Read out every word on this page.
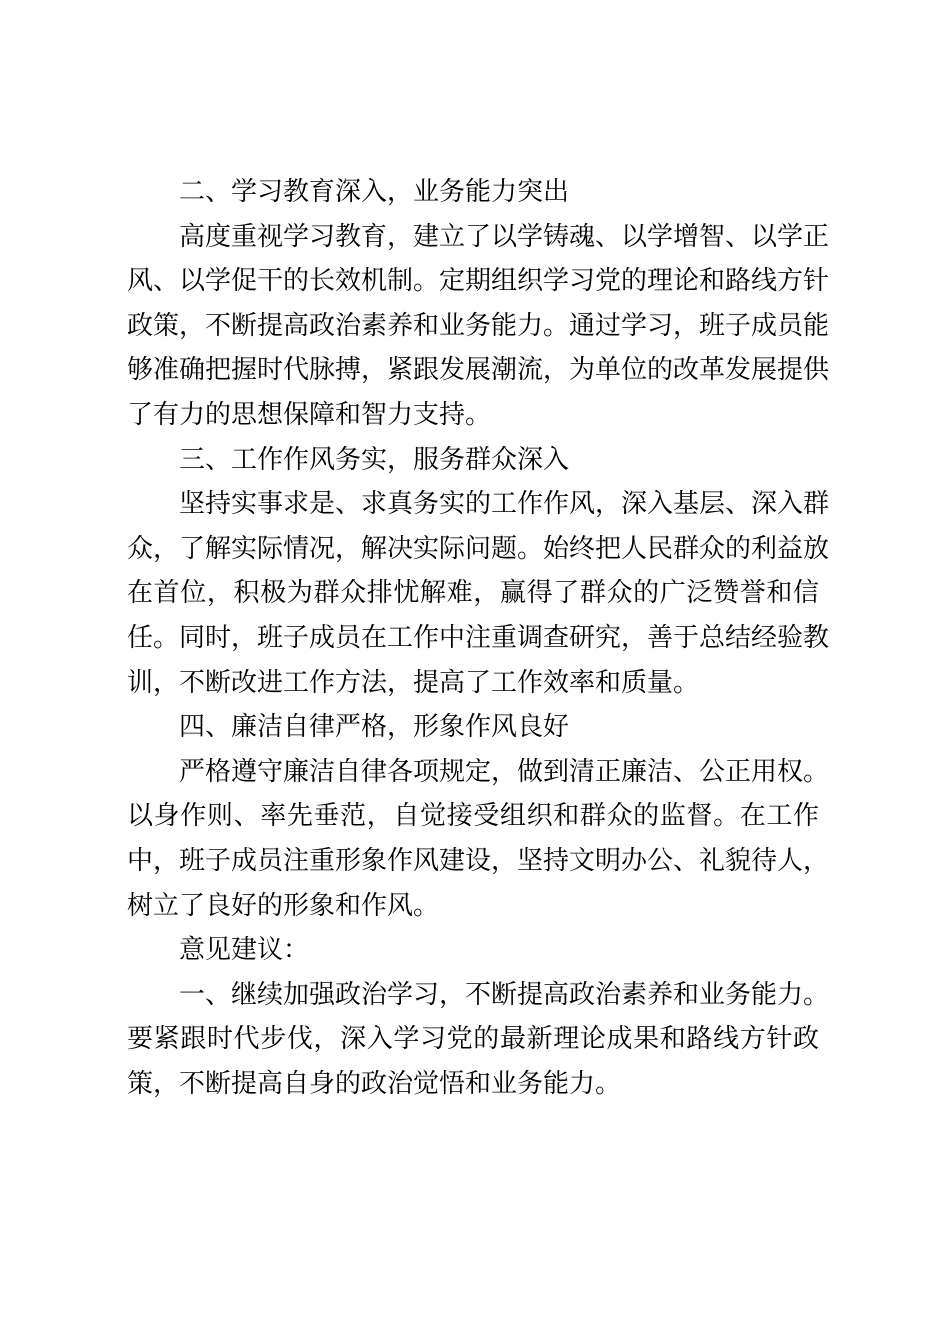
二、学习教育深入，业务能力突出

高度重视学习教育，建立了以学铸魂、以学增智、以学正

风、以学促干的长效机制。定期组织学习党的理论和路线方针

政策，不断提高政治素养和业务能力。通过学习，班子成员能

够准确把握时代脉搏，紧跟发展潮流，为单位的改革发展提供

了有力的思想保障和智力支持。

三、工作作风务实，服务群众深入

坚持实事求是、求真务实的工作作风，深入基层、深入群

众，了解实际情况，解决实际问题。始终把人民群众的利益放

在首位，积极为群众排忧解难，赢得了群众的广泛赞誉和信

任。同时，班子成员在工作中注重调查研究，善于总结经验教

训，不断改进工作方法，提高了工作效率和质量。

四、廉洁自律严格，形象作风良好

严格遵守廉洁自律各项规定，做到清正廉洁、公正用权。

以身作则、率先垂范，自觉接受组织和群众的监督。在工作

中，班子成员注重形象作风建设，坚持文明办公、礼貌待人，

树立了良好的形象和作风。

意见建议：

一、继续加强政治学习，不断提高政治素养和业务能力。

要紧跟时代步伐，深入学习党的最新理论成果和路线方针政

策，不断提高自身的政治觉悟和业务能力。
